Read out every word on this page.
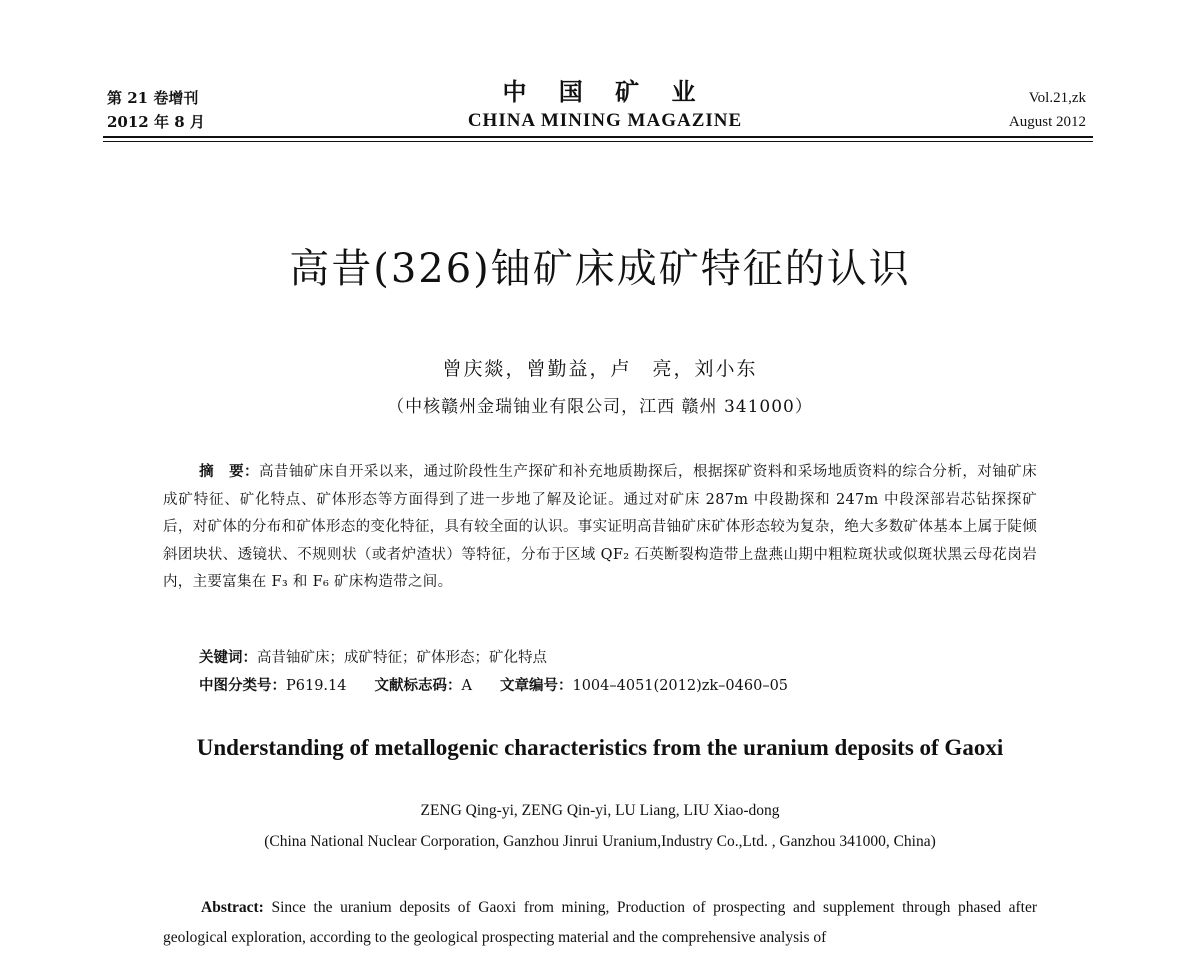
第 21 卷增刊
2012 年 8 月
中 国 矿 业
CHINA MINING MAGAZINE
Vol.21,zk
August 2012
高昔(326)铀矿床成矿特征的认识
曾庆燚，曾勤益，卢　亮，刘小东
（中核赣州金瑞铀业有限公司，江西 赣州 341000）
摘　要：高昔铀矿床自开采以来，通过阶段性生产探矿和补充地质勘探后，根据探矿资料和采场地质资料的综合分析，对铀矿床成矿特征、矿化特点、矿体形态等方面得到了进一步地了解及论证。通过对矿床 287m 中段勘探和 247m 中段深部岩芯钻探探矿后，对矿体的分布和矿体形态的变化特征，具有较全面的认识。事实证明高昔铀矿床矿体形态较为复杂，绝大多数矿体基本上属于陡倾斜团块状、透镜状、不规则状（或者炉渣状）等特征，分布于区域 QF₂ 石英断裂构造带上盘燕山期中粗粒斑状或似斑状黑云母花岗岩内，主要富集在 F₃ 和 F₆ 矿床构造带之间。
关键词：高昔铀矿床；成矿特征；矿体形态；矿化特点
中图分类号：P619.14 文献标志码：A 文章编号：1004–4051(2012)zk–0460–05
Understanding of metallogenic characteristics from the uranium deposits of Gaoxi
ZENG Qing-yi, ZENG Qin-yi, LU Liang, LIU Xiao-dong
(China National Nuclear Corporation, Ganzhou Jinrui Uranium,Industry Co.,Ltd. , Ganzhou 341000, China)
Abstract: Since the uranium deposits of Gaoxi from mining, Production of prospecting and supplement through phased after geological exploration, according to the geological prospecting material and the comprehensive analysis of
